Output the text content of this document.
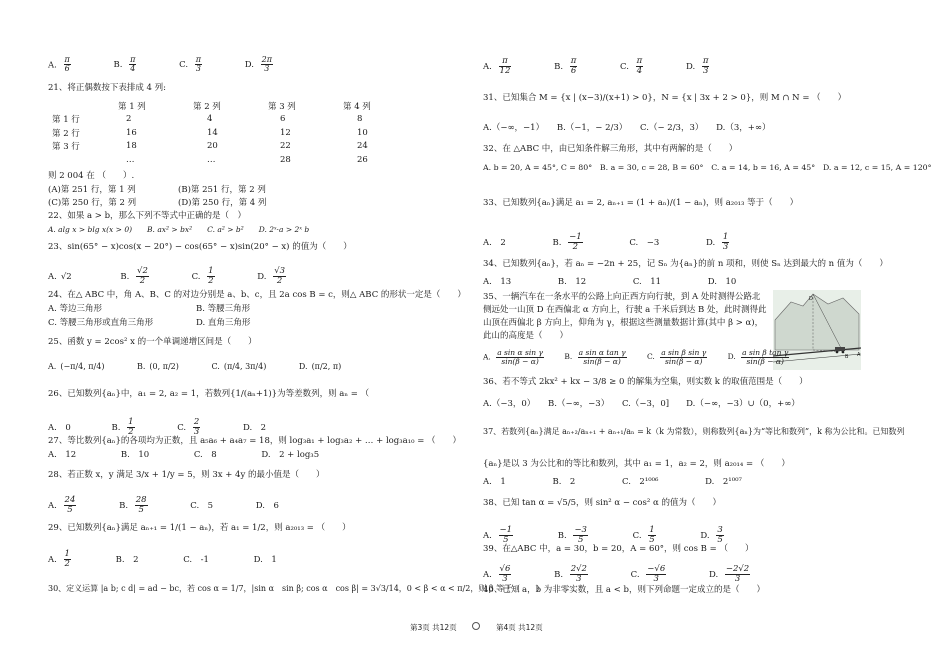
A. $\frac{\pi}{6}$	B. $\frac{\pi}{4}$	C. $\frac{\pi}{3}$	D. $\frac{2\pi}{3}$
21、将正偶数按下表排成 4 列:
	第 1 列	第 2 列	第 3 列	第 4 列
第 1 行	2	4	6	8
第 2 行	16	14	12	10
第 3 行	18	20	22	24
	…	…	28	26
则 2 004 在 （　　）.
(A)第 251 行，第 1 列	(B)第 251 行，第 2 列
(C)第 250 行，第 2 列	(D)第 250 行，第 4 列
22、如果 a > b，那么下列不等式中正确的是（　）
A. alg x > blg x(x > 0)　　B. ax² > bx²　　C. a² > b²　　D. 2ˣ·a > 2ˣ b
23、sin(65° − x)cos(x − 20°) − cos(65° − x)sin(20° − x) 的值为（　　）
A. √2	B. $\frac{√2}{2}$	C. $\frac{1}{2}$	D. $\frac{√3}{2}$
24、在△ ABC 中，角 A、B、C 的对边分别是 a、b、c，且 2a cos B = c，则△ ABC 的形状一定是（　　）
A. 等边三角形	B. 等腰三角形
C. 等腰三角形或直角三角形	D. 直角三角形
25、函数 y = 2cos² x 的一个单调递增区间是（　　）
A. (−π/4, π/4)	B. (0, π/2)	C. (π/4, 3π/4)	D. (π/2, π)
26、已知数列{aₙ}中，a₁ = 2, a₂ = 1，若数列{1/(aₙ+1)}为等差数列，则 aₙ = （
A.　0	B. $\frac{1}{2}$	C. $\frac{2}{3}$	D.　2
27、等比数列{aₙ}的各项均为正数，且 a₅a₆ + a₄a₇ = 18，则 log₃a₁ + log₃a₂ + … + log₃a₁₀ = （　　）
A.　12	B.　10	C.　8	D.　2 + log₃5
28、若正数 x，y 满足 3/x + 1/y = 5，则 3x + 4y 的最小值是（　　）
A. $\frac{24}{5}$	B. $\frac{28}{5}$	C.　5	D.　6
29、已知数列{aₙ}满足 aₙ₊₁ = 1/(1 − aₙ)，若 a₁ = 1/2，则 a₂₀₁₃ = （　　）
A. $\frac{1}{2}$	B.　2	C.　-1	D.　1
30、定义运算 |a b; c d| = ad − bc，若 cos α = 1/7，|sin α　sin β; cos α　cos β| = 3√3/14，0 < β < α < π/2，则 β 等于（　　）
A. $\frac{\pi}{12}$	B. $\frac{\pi}{6}$	C. $\frac{\pi}{4}$	D. $\frac{\pi}{3}$
31、已知集合 M = {x | (x−3)/(x+1) > 0}，N = {x | 3x + 2 > 0}，则 M ∩ N = （　　）
A.（−∞，−1）　　B.（−1，− 2/3）　　C.（− 2/3，3）　　D.（3，+∞）
32、在 △ABC 中，由已知条件解三角形，其中有两解的是（　　）
A. b = 20, A = 45°, C = 80°　B. a = 30, c = 28, B = 60°　C. a = 14, b = 16, A = 45°　D. a = 12, c = 15, A = 120°
33、已知数列{aₙ}满足 a₁ = 2, aₙ₊₁ = (1 + aₙ)/(1 − aₙ)，则 a₂₀₁₃ 等于（　　）
A.　2	B. $\frac{-1}{2}$	C.　−3	D. $\frac{1}{3}$
34、已知数列{aₙ}，若 aₙ = −2n + 25，记 Sₙ 为{aₙ}的前 n 项和，则使 Sₙ 达到最大的 n 值为（　　）
A.　13	B.　12	C.　11	D.　10
35、一辆汽车在一条水平的公路上向正西方向行驶，到 A 处时测得公路北
侧远处一山顶 D 在西偏北 α 方向上，行驶 a 千米后到达 B 处，此时测得此
山顶在西偏北 β 方向上，仰角为 γ，根据这些测量数据计算(其中 β > α)，
此山的高度是（　　）
D
B A
A. $\frac{\text{a sin α sin γ}}{\sin(\beta - \alpha)}$	B. $\frac{\text{a sin α tan γ}}{\sin(\beta - \alpha)}$	C. $\frac{\text{a sin β sin γ}}{\sin(\beta - \alpha)}$	D. $\frac{\text{a sin β tan γ}}{\sin(\beta - \alpha)}$
36、若不等式 2kx² + kx − 3/8 ≥ 0 的解集为空集，则实数 k 的取值范围是（　　）
A.（−3，0）　　B.（−∞，−3）　　C.（−3，0]　　D.（−∞，−3）∪（0，+∞）
37、若数列{aₙ}满足 aₙ₊₂/aₙ₊₁ + aₙ₊₁/aₙ = k（k 为常数），则称数列{aₙ}为“等比和数列”，k 称为公比和。已知数列
{aₙ}是以 3 为公比和的等比和数列，其中 a₁ = 1，a₂ = 2，则 a₂₀₁₄ = （　　）
A.　1	B.　2	C.　2¹⁰⁰⁶	D.　2¹⁰⁰⁷
38、已知 tan α = √5/5，则 sin² α − cos² α 的值为（　　）
A. $\frac{-1}{5}$	B. $\frac{-3}{5}$	C. $\frac{1}{5}$	D. $\frac{3}{5}$
39、在△ABC 中，a = 30，b = 20，A = 60°，则 cos B = （　　）
A. $\frac{√6}{3}$	B. $\frac{2√2}{3}$	C. $\frac{-√6}{3}$	D. $\frac{-2√2}{3}$
40、已知 a，b 为非零实数，且 a < b，则下列命题一定成立的是（　　）
第3页 共12页	第4页 共12页
